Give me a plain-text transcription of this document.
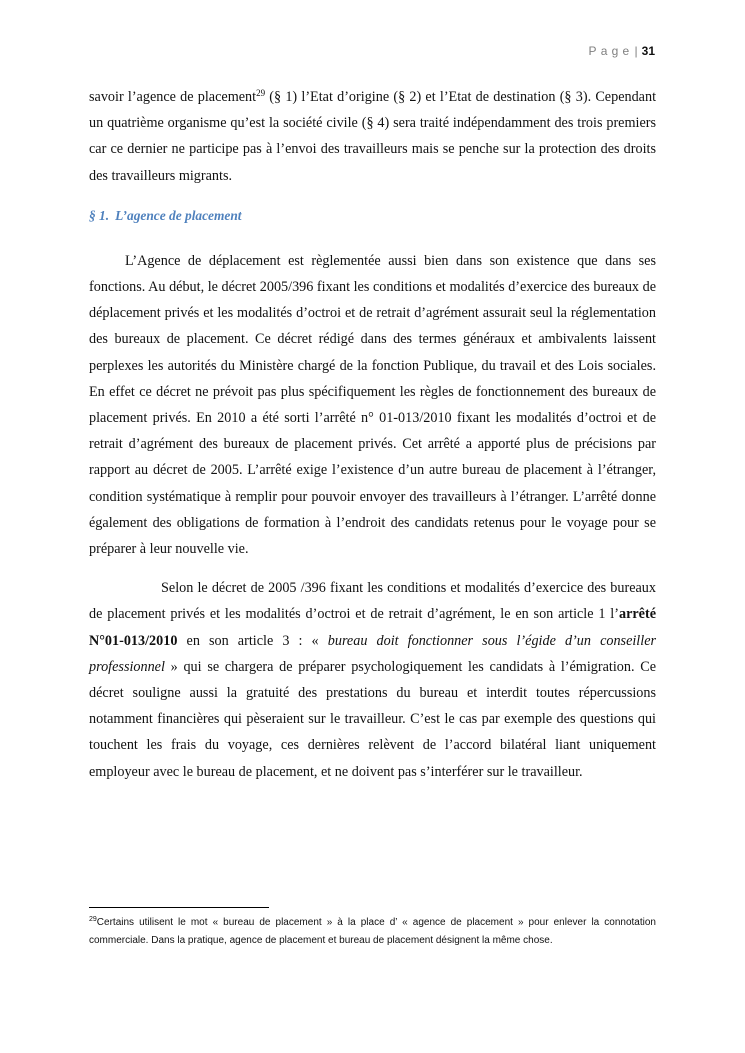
Page| 31

savoir l’agence de placement$^{29}$ (§ 1) l’Etat d’origine (§ 2) et l’Etat de destination (§ 3). Cependant un quatrième organisme qu’est la société civile (§ 4) sera traité indépendamment des trois premiers car ce dernier ne participe pas à l’envoi des travailleurs mais se penche sur la protection des droits des travailleurs migrants.

§ 1. L’agence de placement

L’Agence de déplacement est règlementée aussi bien dans son existence que dans ses fonctions. Au début, le décret 2005/396 fixant les conditions et modalités d’exercice des bureaux de déplacement privés et les modalités d’octroi et de retrait d’agrément assurait seul la réglementation des bureaux de placement. Ce décret rédigé dans des termes généraux et ambivalents laissent perplexes les autorités du Ministère chargé de la fonction Publique, du travail et des Lois sociales. En effet ce décret ne prévoit pas plus spécifiquement les règles de fonctionnement des bureaux de placement privés. En 2010 a été sorti l’arrêté n° 01-013/2010 fixant les modalités d’octroi et de retrait d’agrément des bureaux de placement privés. Cet arrêté a apporté plus de précisions par rapport au décret de 2005. L’arrêté exige l’existence d’un autre bureau de placement à l’étranger, condition systématique à remplir pour pouvoir envoyer des travailleurs à l’étranger. L’arrêté donne également des obligations de formation à l’endroit des candidats retenus pour le voyage pour se préparer à leur nouvelle vie.

Selon le décret de 2005 /396 fixant les conditions et modalités d’exercice des bureaux de placement privés et les modalités d’octroi et de retrait d’agrément, le en son article 1 l’arrêté N°01-013/2010 en son article 3 : « bureau doit fonctionner sous l’égide d’un conseiller professionnel » qui se chargera de préparer psychologiquement les candidats à l’émigration. Ce décret souligne aussi la gratuité des prestations du bureau et interdit toutes répercussions notamment financières qui pèseraient sur le travailleur. C’est le cas par exemple des questions qui touchent les frais du voyage, ces dernières relèvent de l’accord bilatéral liant uniquement employeur avec le bureau de placement, et ne doivent pas s’interférer sur le travailleur.

$^{29}$Certains utilisent le mot « bureau de placement » à la place d’ « agence de placement » pour enlever la connotation commerciale. Dans la pratique, agence de placement et bureau de placement désignent la même chose.
